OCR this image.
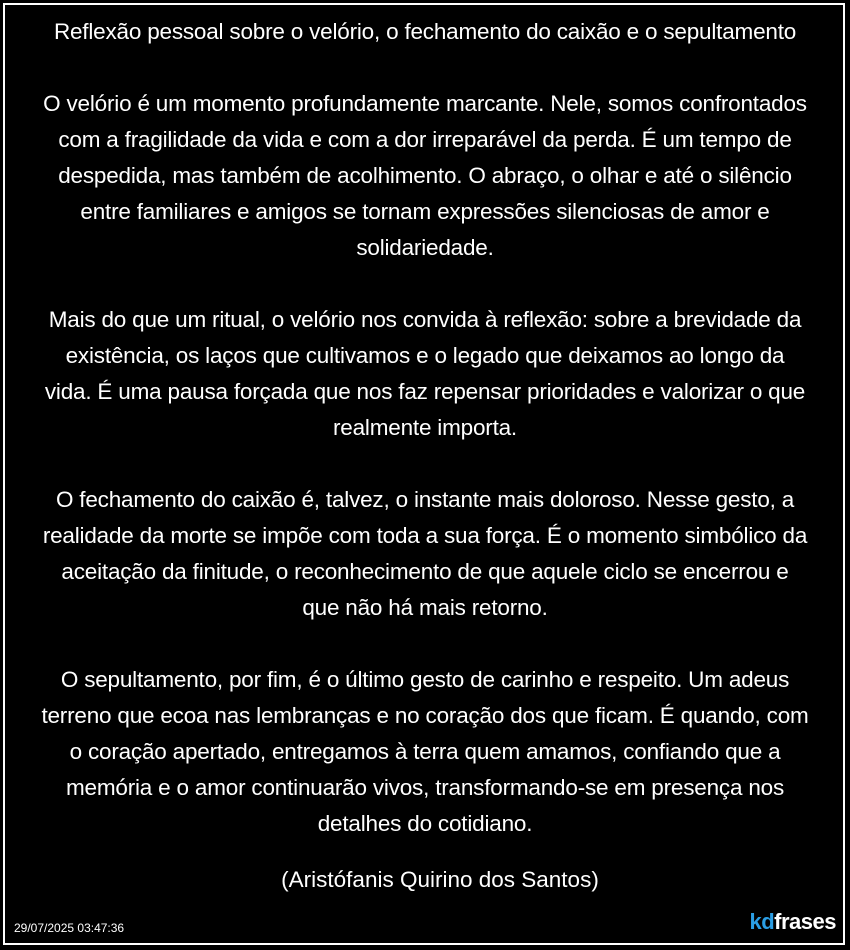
Reflexão pessoal sobre o velório, o fechamento do caixão e o sepultamento

O velório é um momento profundamente marcante. Nele, somos confrontados com a fragilidade da vida e com a dor irreparável da perda. É um tempo de despedida, mas também de acolhimento. O abraço, o olhar e até o silêncio entre familiares e amigos se tornam expressões silenciosas de amor e solidariedade.

Mais do que um ritual, o velório nos convida à reflexão: sobre a brevidade da existência, os laços que cultivamos e o legado que deixamos ao longo da vida. É uma pausa forçada que nos faz repensar prioridades e valorizar o que realmente importa.

O fechamento do caixão é, talvez, o instante mais doloroso. Nesse gesto, a realidade da morte se impõe com toda a sua força. É o momento simbólico da aceitação da finitude, o reconhecimento de que aquele ciclo se encerrou e que não há mais retorno.

O sepultamento, por fim, é o último gesto de carinho e respeito. Um adeus terreno que ecoa nas lembranças e no coração dos que ficam. É quando, com o coração apertado, entregamos à terra quem amamos, confiando que a memória e o amor continuarão vivos, transformando-se em presença nos detalhes do cotidiano.

(Aristófanis Quirino dos Santos)
29/07/2025 03:47:36	kdfrases
